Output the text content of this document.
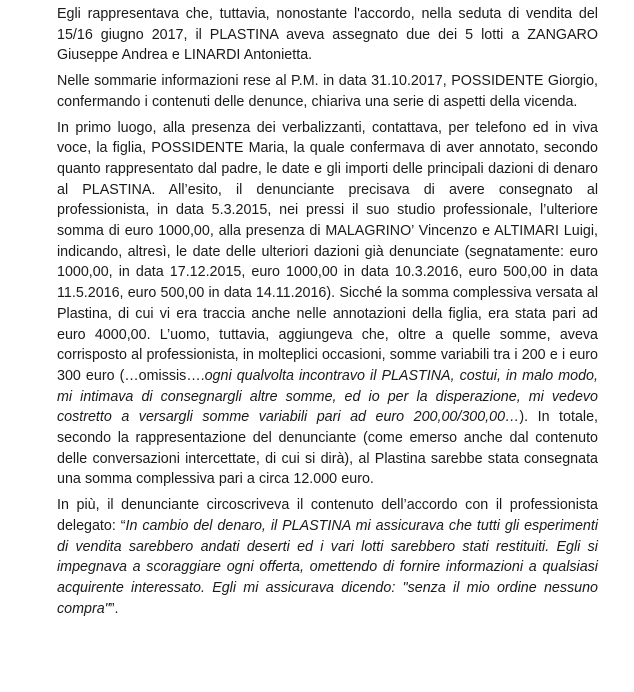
Egli rappresentava che, tuttavia, nonostante l'accordo, nella seduta di vendita del 15/16 giugno 2017, il PLASTINA aveva assegnato due dei 5 lotti a ZANGARO Giuseppe Andrea e LINARDI Antonietta.

Nelle sommarie informazioni rese al P.M. in data 31.10.2017, POSSIDENTE Giorgio, confermando i contenuti delle denunce, chiariva una serie di aspetti della vicenda.

In primo luogo, alla presenza dei verbalizzanti, contattava, per telefono ed in viva voce, la figlia, POSSIDENTE Maria, la quale confermava di aver annotato, secondo quanto rappresentato dal padre, le date e gli importi delle principali dazioni di denaro al PLASTINA. All’esito, il denunciante precisava di avere consegnato al professionista, in data 5.3.2015, nei pressi il suo studio professionale, l’ulteriore somma di euro 1000,00, alla presenza di MALAGRINO’ Vincenzo e ALTIMARI Luigi, indicando, altresì, le date delle ulteriori dazioni già denunciate (segnatamente: euro 1000,00, in data 17.12.2015, euro 1000,00 in data 10.3.2016, euro 500,00 in data 11.5.2016, euro 500,00 in data 14.11.2016). Sicché la somma complessiva versata al Plastina, di cui vi era traccia anche nelle annotazioni della figlia, era stata pari ad euro 4000,00. L’uomo, tuttavia, aggiungeva che, oltre a quelle somme, aveva corrisposto al professionista, in molteplici occasioni, somme variabili tra i 200 e i euro 300 euro (…omissis….ogni qualvolta incontravo il PLASTINA, costui, in malo modo, mi intimava di consegnargli altre somme, ed io per la disperazione, mi vedevo costretto a versargli somme variabili pari ad euro 200,00/300,00…). In totale, secondo la rappresentazione del denunciante (come emerso anche dal contenuto delle conversazioni intercettate, di cui si dirà), al Plastina sarebbe stata consegnata una somma complessiva pari a circa 12.000 euro.

In più, il denunciante circoscriveva il contenuto dell’accordo con il professionista delegato: “In cambio del denaro, il PLASTINA mi assicurava che tutti gli esperimenti di vendita sarebbero andati deserti ed i vari lotti sarebbero stati restituiti. Egli si impegnava a scoraggiare ogni offerta, omettendo di fornire informazioni a qualsiasi acquirente interessato. Egli mi assicurava dicendo: "senza il mio ordine nessuno compra"”.
